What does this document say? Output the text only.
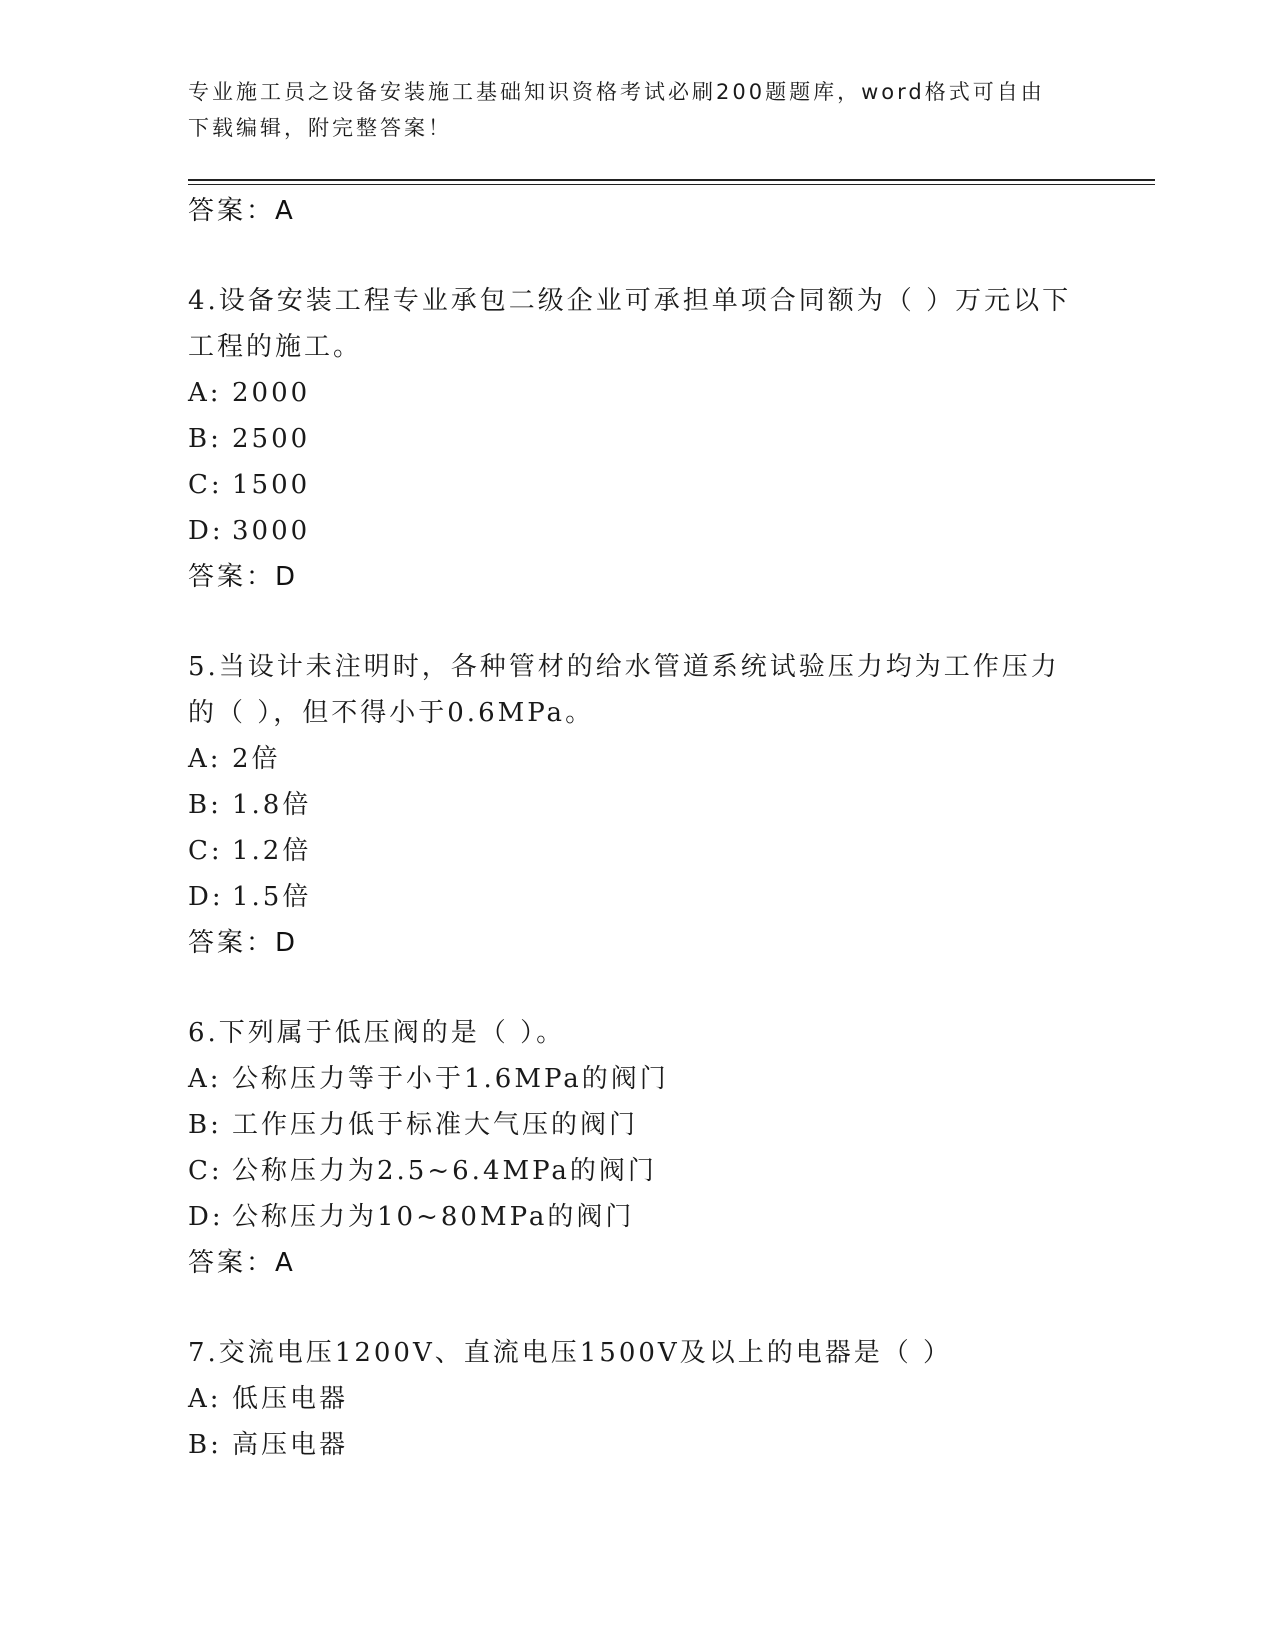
专业施工员之设备安装施工基础知识资格考试必刷200题题库，word格式可自由
下载编辑，附完整答案！
答案：A
4.设备安装工程专业承包二级企业可承担单项合同额为（ ）万元以下工程的施工。
A: 2000
B: 2500
C: 1500
D: 3000
答案：D
5.当设计未注明时，各种管材的给水管道系统试验压力均为工作压力的（ ），但不得小于0.6MPa。
A: 2倍
B: 1.8倍
C: 1.2倍
D: 1.5倍
答案：D
6.下列属于低压阀的是（ ）。
A: 公称压力等于小于1.6MPa的阀门
B: 工作压力低于标准大气压的阀门
C: 公称压力为2.5~6.4MPa的阀门
D: 公称压力为10~80MPa的阀门
答案：A
7.交流电压1200V、直流电压1500V及以上的电器是（ ）
A: 低压电器
B: 高压电器
